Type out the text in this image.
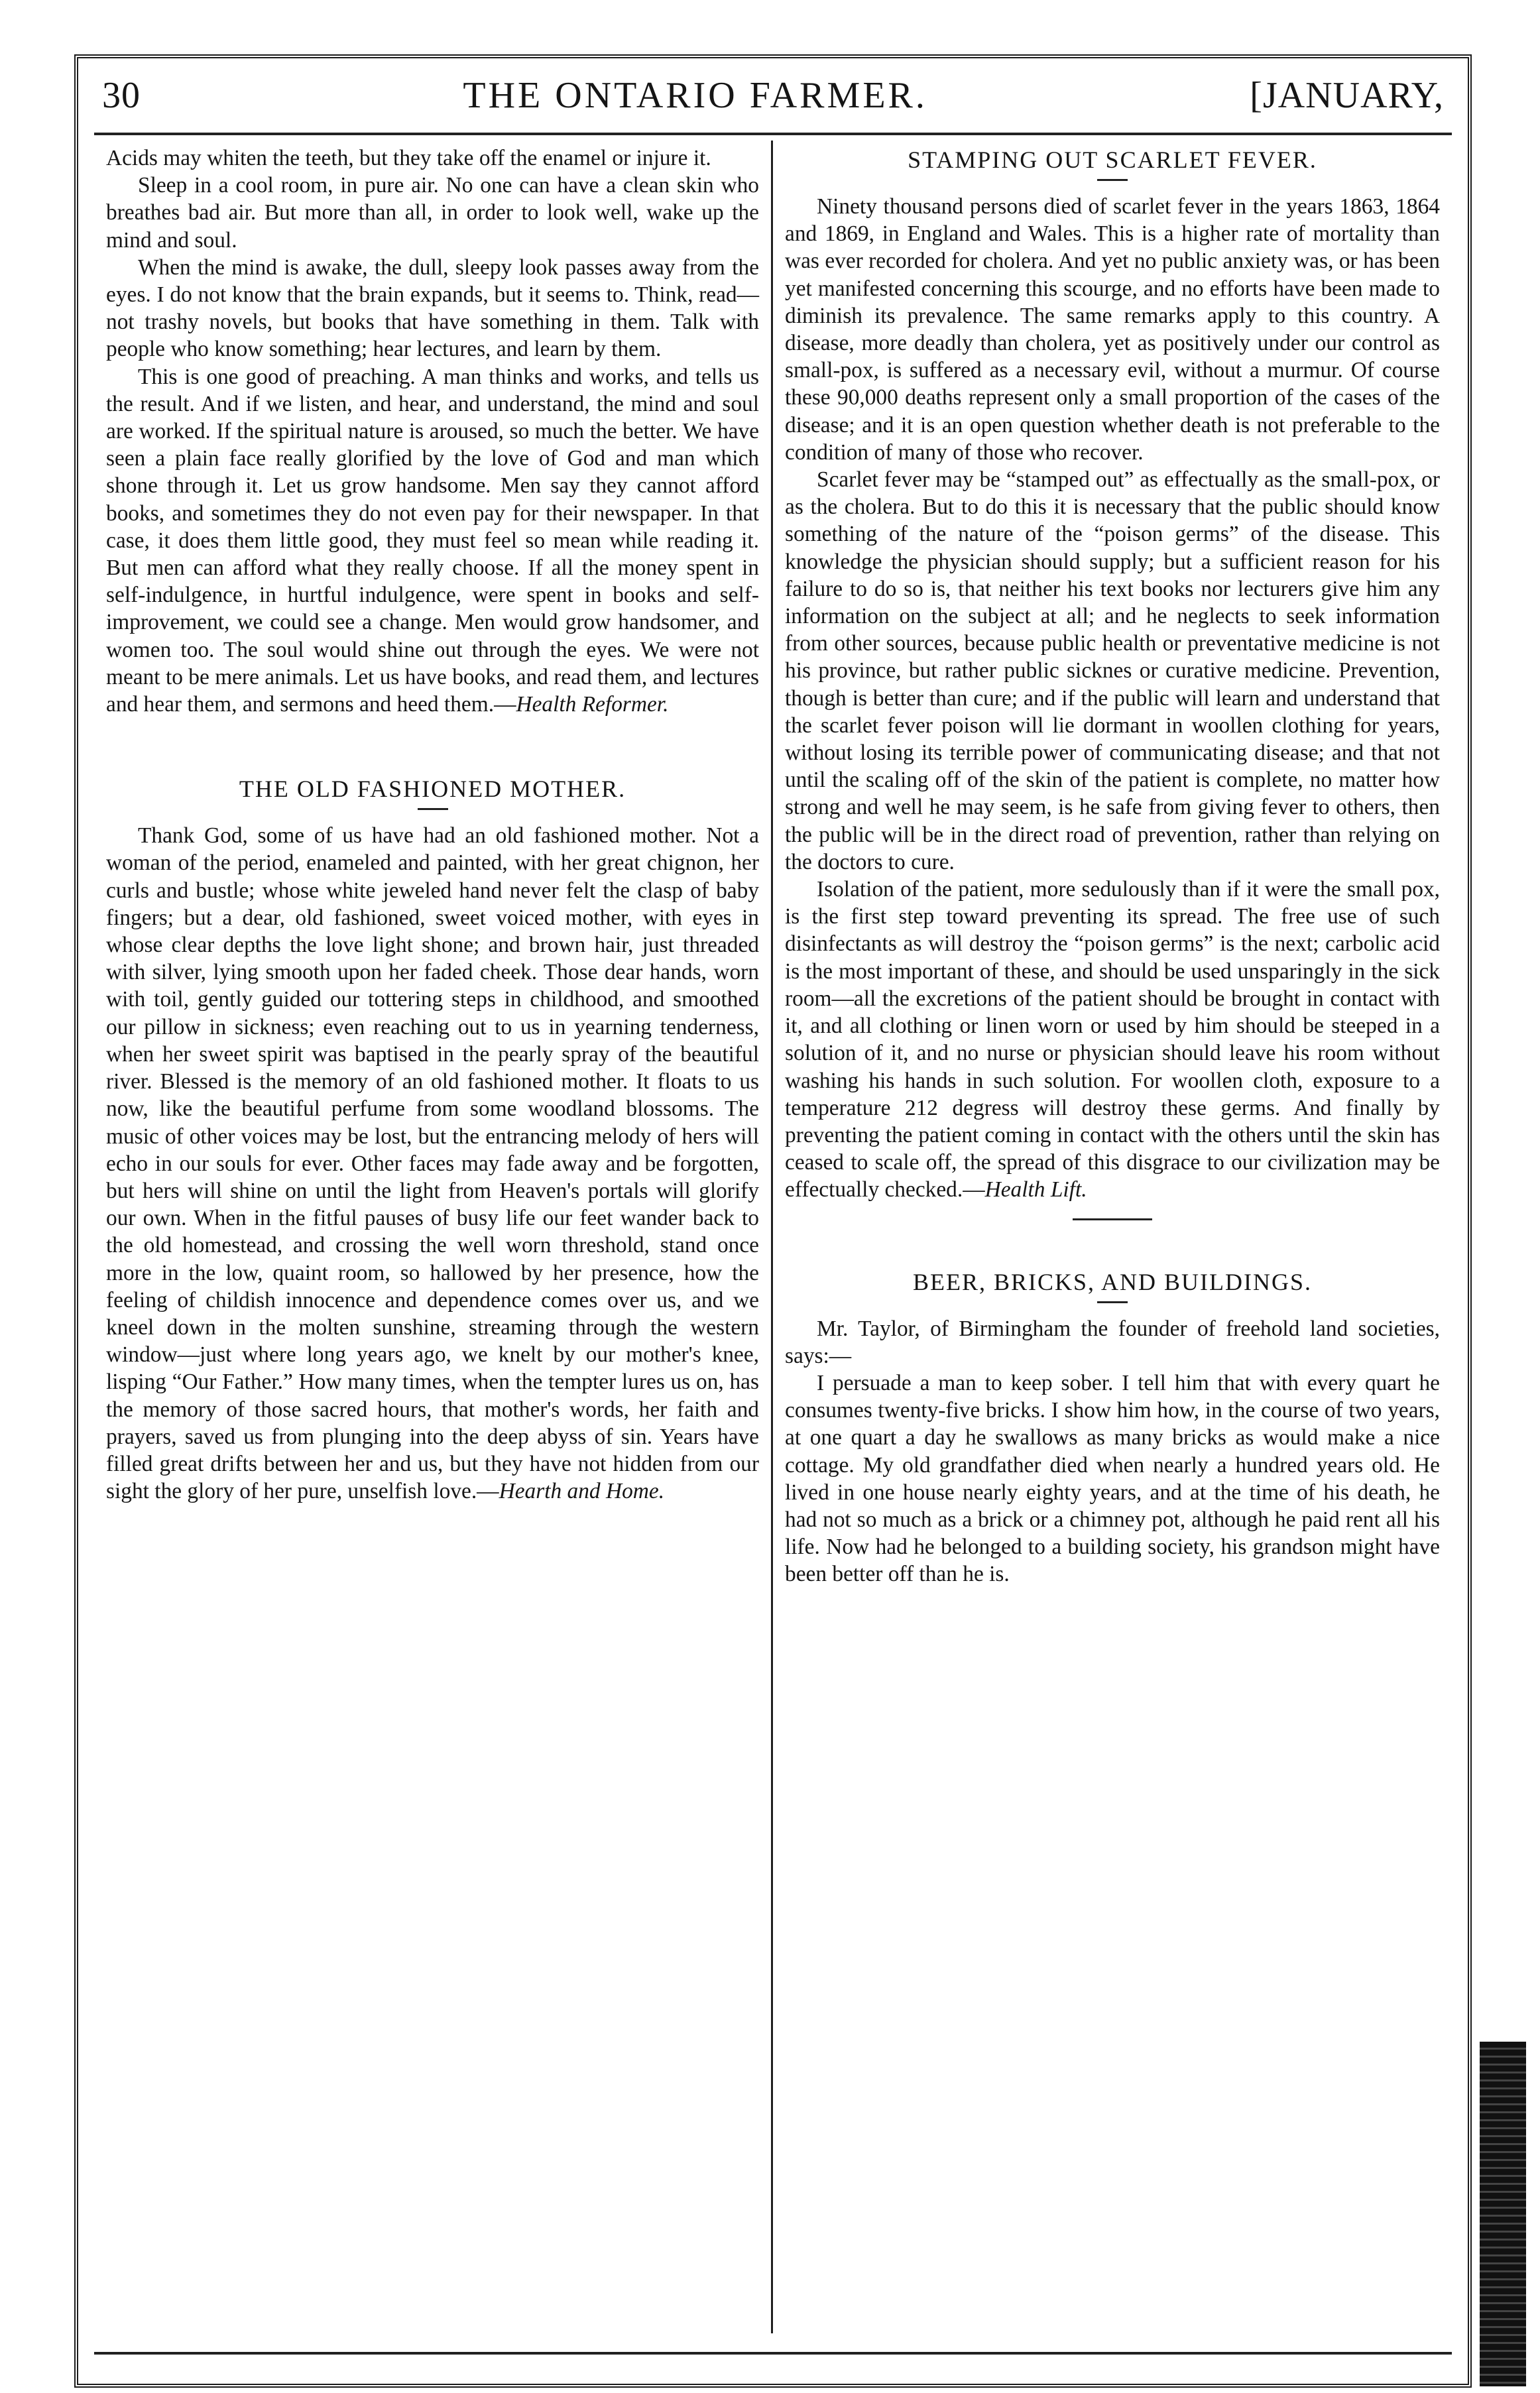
30	THE ONTARIO FARMER.	[JANUARY,

Acids may whiten the teeth, but they take off the enamel or injure it.

Sleep in a cool room, in pure air. No one can have a clean skin who breathes bad air. But more than all, in order to look well, wake up the mind and soul.

When the mind is awake, the dull, sleepy look passes away from the eyes. I do not know that the brain expands, but it seems to. Think, read—not trashy novels, but books that have something in them. Talk with people who know something; hear lectures, and learn by them.

This is one good of preaching. A man thinks and works, and tells us the result. And if we listen, and hear, and understand, the mind and soul are worked. If the spiritual nature is aroused, so much the better. We have seen a plain face really glorified by the love of God and man which shone through it. Let us grow handsome. Men say they cannot afford books, and sometimes they do not even pay for their newspaper. In that case, it does them little good, they must feel so mean while reading it. But men can afford what they really choose. If all the money spent in self-indulgence, in hurtful indulgence, were spent in books and self-improvement, we could see a change. Men would grow handsomer, and women too. The soul would shine out through the eyes. We were not meant to be mere animals. Let us have books, and read them, and lectures and hear them, and sermons and heed them.—Health Reformer.

THE OLD FASHIONED MOTHER.

Thank God, some of us have had an old fashioned mother. Not a woman of the period, enameled and painted, with her great chignon, her curls and bustle; whose white jeweled hand never felt the clasp of baby fingers; but a dear, old fashioned, sweet voiced mother, with eyes in whose clear depths the love light shone; and brown hair, just threaded with silver, lying smooth upon her faded cheek. Those dear hands, worn with toil, gently guided our tottering steps in childhood, and smoothed our pillow in sickness; even reaching out to us in yearning tenderness, when her sweet spirit was baptised in the pearly spray of the beautiful river. Blessed is the memory of an old fashioned mother. It floats to us now, like the beautiful perfume from some woodland blossoms. The music of other voices may be lost, but the entrancing melody of hers will echo in our souls for ever. Other faces may fade away and be forgotten, but hers will shine on until the light from Heaven's portals will glorify our own. When in the fitful pauses of busy life our feet wander back to the old homestead, and crossing the well worn threshold, stand once more in the low, quaint room, so hallowed by her presence, how the feeling of childish innocence and dependence comes over us, and we kneel down in the molten sunshine, streaming through the western window—just where long years ago, we knelt by our mother's knee, lisping “Our Father.” How many times, when the tempter lures us on, has the memory of those sacred hours, that mother's words, her faith and prayers, saved us from plunging into the deep abyss of sin. Years have filled great drifts between her and us, but they have not hidden from our sight the glory of her pure, unselfish love.—Hearth and Home.

STAMPING OUT SCARLET FEVER.

Ninety thousand persons died of scarlet fever in the years 1863, 1864 and 1869, in England and Wales. This is a higher rate of mortality than was ever recorded for cholera. And yet no public anxiety was, or has been yet manifested concerning this scourge, and no efforts have been made to diminish its prevalence. The same remarks apply to this country. A disease, more deadly than cholera, yet as positively under our control as small-pox, is suffered as a necessary evil, without a murmur. Of course these 90,000 deaths represent only a small proportion of the cases of the disease; and it is an open question whether death is not preferable to the condition of many of those who recover.

Scarlet fever may be “stamped out” as effectually as the small-pox, or as the cholera. But to do this it is necessary that the public should know something of the nature of the “poison germs” of the disease. This knowledge the physician should supply; but a sufficient reason for his failure to do so is, that neither his text books nor lecturers give him any information on the subject at all; and he neglects to seek information from other sources, because public health or preventative medicine is not his province, but rather public sicknes or curative medicine. Prevention, though is better than cure; and if the public will learn and understand that the scarlet fever poison will lie dormant in woollen clothing for years, without losing its terrible power of communicating disease; and that not until the scaling off of the skin of the patient is complete, no matter how strong and well he may seem, is he safe from giving fever to others, then the public will be in the direct road of prevention, rather than relying on the doctors to cure.

Isolation of the patient, more sedulously than if it were the small pox, is the first step toward preventing its spread. The free use of such disinfectants as will destroy the “poison germs” is the next; carbolic acid is the most important of these, and should be used unsparingly in the sick room—all the excretions of the patient should be brought in contact with it, and all clothing or linen worn or used by him should be steeped in a solution of it, and no nurse or physician should leave his room without washing his hands in such solution. For woollen cloth, exposure to a temperature 212 degress will destroy these germs. And finally by preventing the patient coming in contact with the others until the skin has ceased to scale off, the spread of this disgrace to our civilization may be effectually checked.—Health Lift.

BEER, BRICKS, AND BUILDINGS.

Mr. Taylor, of Birmingham the founder of freehold land societies, says:—

I persuade a man to keep sober. I tell him that with every quart he consumes twenty-five bricks. I show him how, in the course of two years, at one quart a day he swallows as many bricks as would make a nice cottage. My old grandfather died when nearly a hundred years old. He lived in one house nearly eighty years, and at the time of his death, he had not so much as a brick or a chimney pot, although he paid rent all his life. Now had he belonged to a building society, his grandson might have been better off than he is.
